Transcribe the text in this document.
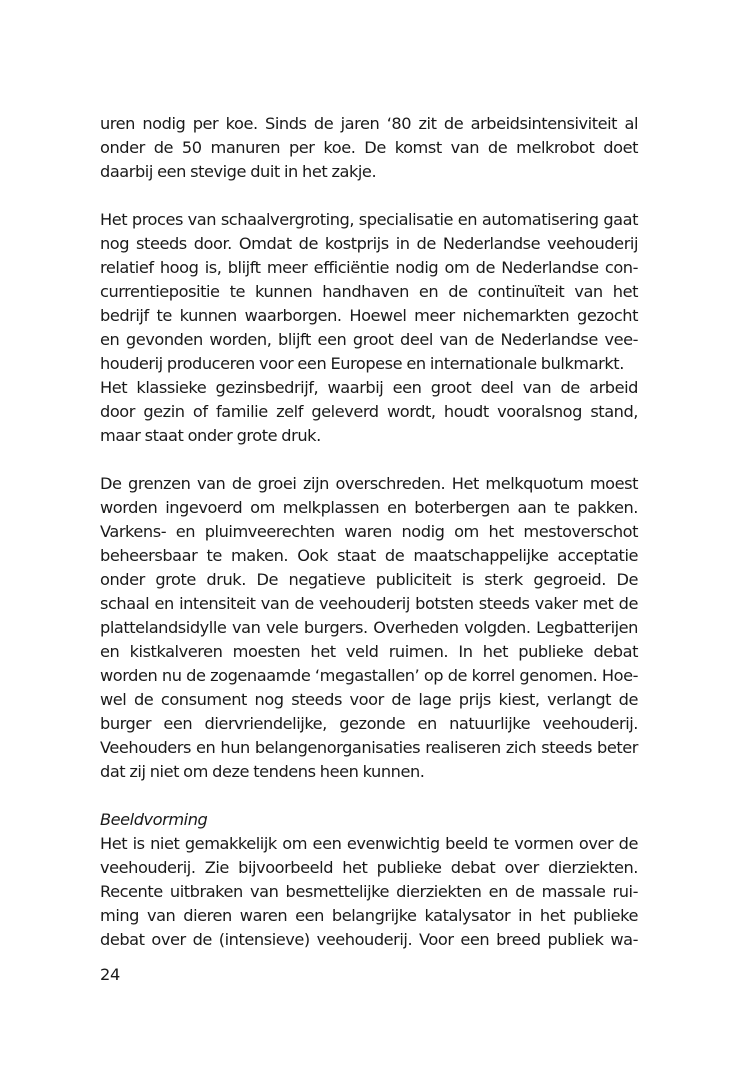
uren nodig per koe. Sinds de jaren ‘80 zit de arbeidsintensiviteit al
onder de 50 manuren per koe. De komst van de melkrobot doet
daarbij een stevige duit in het zakje.
Het proces van schaalvergroting, specialisatie en automatisering gaat
nog steeds door. Omdat de kostprijs in de Nederlandse veehouderij
relatief hoog is, blijft meer efficiëntie nodig om de Nederlandse con-
currentiepositie te kunnen handhaven en de continuïteit van het
bedrijf te kunnen waarborgen. Hoewel meer nichemarkten gezocht
en gevonden worden, blijft een groot deel van de Nederlandse vee-
houderij produceren voor een Europese en internationale bulkmarkt.
Het klassieke gezinsbedrijf, waarbij een groot deel van de arbeid
door gezin of familie zelf geleverd wordt, houdt vooralsnog stand,
maar staat onder grote druk.
De grenzen van de groei zijn overschreden. Het melkquotum moest
worden ingevoerd om melkplassen en boterbergen aan te pakken.
Varkens- en pluimveerechten waren nodig om het mestoverschot
beheersbaar te maken. Ook staat de maatschappelijke acceptatie
onder grote druk. De negatieve publiciteit is sterk gegroeid. De
schaal en intensiteit van de veehouderij botsten steeds vaker met de
plattelandsidylle van vele burgers. Overheden volgden. Legbatterijen
en kistkalveren moesten het veld ruimen. In het publieke debat
worden nu de zogenaamde ‘megastallen’ op de korrel genomen. Hoe-
wel de consument nog steeds voor de lage prijs kiest, verlangt de
burger een diervriendelijke, gezonde en natuurlijke veehouderij.
Veehouders en hun belangenorganisaties realiseren zich steeds beter
dat zij niet om deze tendens heen kunnen.
Beeldvorming
Het is niet gemakkelijk om een evenwichtig beeld te vormen over de
veehouderij. Zie bijvoorbeeld het publieke debat over dierziekten.
Recente uitbraken van besmettelijke dierziekten en de massale rui-
ming van dieren waren een belangrijke katalysator in het publieke
debat over de (intensieve) veehouderij. Voor een breed publiek wa-
24
